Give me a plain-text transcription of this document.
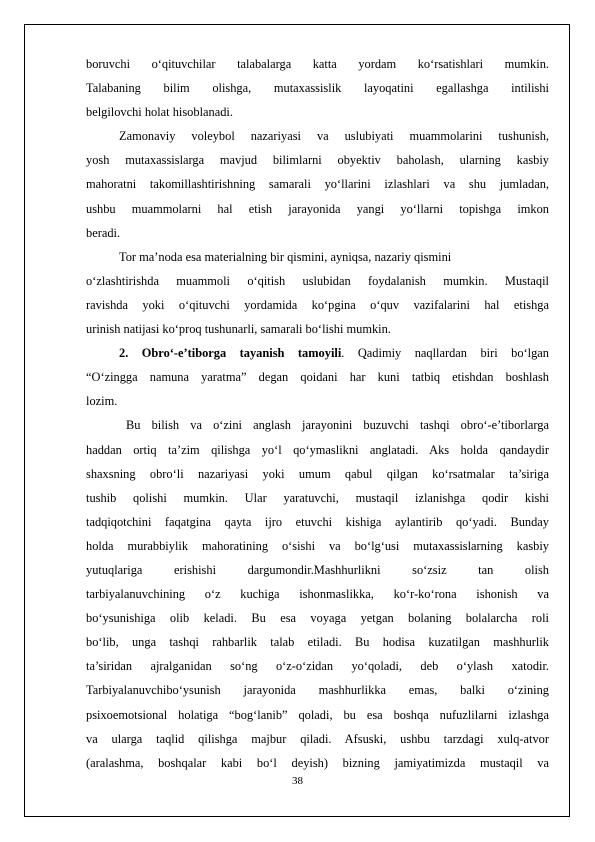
boruvchi o‘qituvchilar talabalarga katta yordam ko‘rsatishlari mumkin.

Talabaning bilim olishga, mutaxassislik layoqatini egallashga intilishi

belgilovchi holat hisoblanadi.

Zamonaviy voleybol nazariyasi va uslubiyati muammolarini tushunish,

yosh mutaxassislarga mavjud bilimlarni obyektiv baholash, ularning kasbiy

mahoratni takomillashtirishning samarali yo‘llarini izlashlari va shu jumladan,

ushbu muammolarni hal etish jarayonida yangi yo‘llarni topishga imkon

beradi.

Tor ma’noda esa materialning bir qismini, ayniqsa, nazariy qismini

o‘zlashtirishda muammoli o‘qitish uslubidan foydalanish mumkin. Mustaqil

ravishda yoki o‘qituvchi yordamida ko‘pgina o‘quv vazifalarini hal etishga

urinish natijasi ko‘proq tushunarli, samarali bo‘lishi mumkin.

2. Obro‘-e’tiborga tayanish tamoyili. Qadimiy naqllardan biri bo‘lgan

“O‘zingga namuna yaratma” degan qoidani har kuni tatbiq etishdan boshlash

lozim.

Bu bilish va o‘zini anglash jarayonini buzuvchi tashqi obro‘-e’tiborlarga

haddan ortiq ta’zim qilishga yo‘l qo‘ymaslikni anglatadi. Aks holda qandaydir

shaxsning obro‘li nazariyasi yoki umum qabul qilgan ko‘rsatmalar ta’siriga

tushib qolishi mumkin. Ular yaratuvchi, mustaqil izlanishga qodir kishi

tadqiqotchini faqatgina qayta ijro etuvchi kishiga aylantirib qo‘yadi. Bunday

holda murabbiylik mahoratining o‘sishi va bo‘lg‘usi mutaxassislarning kasbiy

yutuqlariga erishishi dargumondir.Mashhurlikni so‘zsiz tan olish

tarbiyalanuvchining o‘z kuchiga ishonmaslikka, ko‘r-ko‘rona ishonish va

bo‘ysunishiga olib keladi. Bu esa voyaga yetgan bolaning bolalarcha roli

bo‘lib, unga tashqi rahbarlik talab etiladi. Bu hodisa kuzatilgan mashhurlik

ta’siridan ajralganidan so‘ng o‘z-o‘zidan yo‘qoladi, deb o‘ylash xatodir.

Tarbiyalanuvchibo‘ysunish jarayonida mashhurlikka emas, balki o‘zining

psixoemotsional holatiga “bog‘lanib” qoladi, bu esa boshqa nufuzlilarni izlashga

va ularga taqlid qilishga majbur qiladi. Afsuski, ushbu tarzdagi xulq-atvor

(aralashma, boshqalar kabi bo‘l deyish) bizning jamiyatimizda mustaqil va

38
